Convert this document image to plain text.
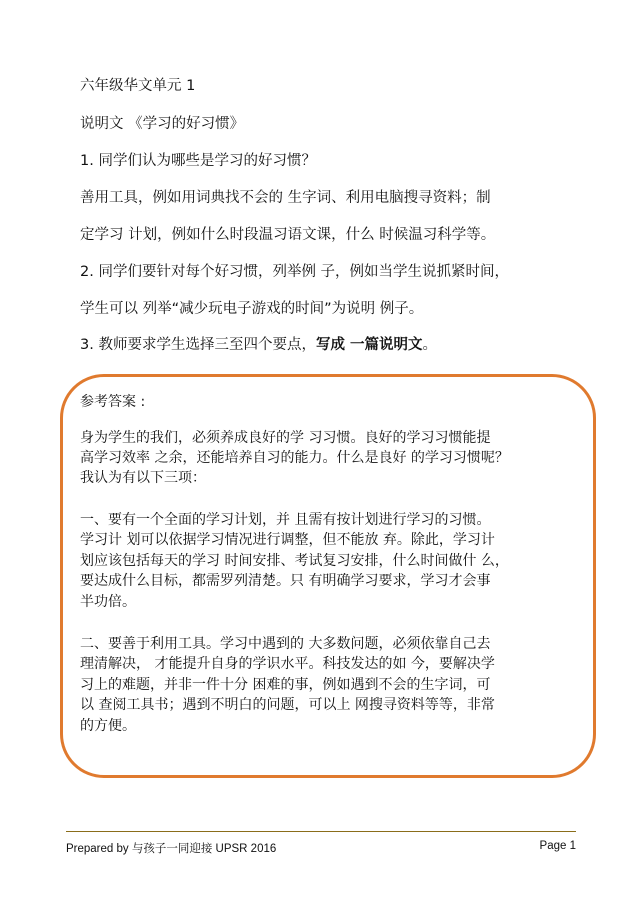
六年级华文单元 1
说明文 《学习的好习惯》
1. 同学们认为哪些是学习的好习惯？
善用工具，例如用词典找不会的 生字词、利用电脑搜寻资料；制
定学习 计划，例如什么时段温习语文课，什么 时候温习科学等。
2. 同学们要针对每个好习惯，列举例 子，例如当学生说抓紧时间，
学生可以 列举“减少玩电子游戏的时间”为说明 例子。
3. 教师要求学生选择三至四个要点，写成 一篇说明文。
参考答案 :
身为学生的我们，必须养成良好的学 习习惯。良好的学习习惯能提
高学习效率 之余，还能培养自习的能力。什么是良好 的学习习惯呢？
我认为有以下三项：
一、要有一个全面的学习计划，并 且需有按计划进行学习的习惯。
学习计 划可以依据学习情况进行调整，但不能放 弃。除此，学习计
划应该包括每天的学习 时间安排、考试复习安排，什么时间做什 么，
要达成什么目标，都需罗列清楚。只 有明确学习要求，学习才会事
半功倍。
二、要善于利用工具。学习中遇到的 大多数问题，必须依靠自己去
理清解决， 才能提升自身的学识水平。科技发达的如 今，要解决学
习上的难题，并非一件十分 困难的事，例如遇到不会的生字词，可
以 查阅工具书；遇到不明白的问题，可以上 网搜寻资料等等，非常
的方便。
Prepared by 与孩子一同迎接 UPSR 2016	Page 1
